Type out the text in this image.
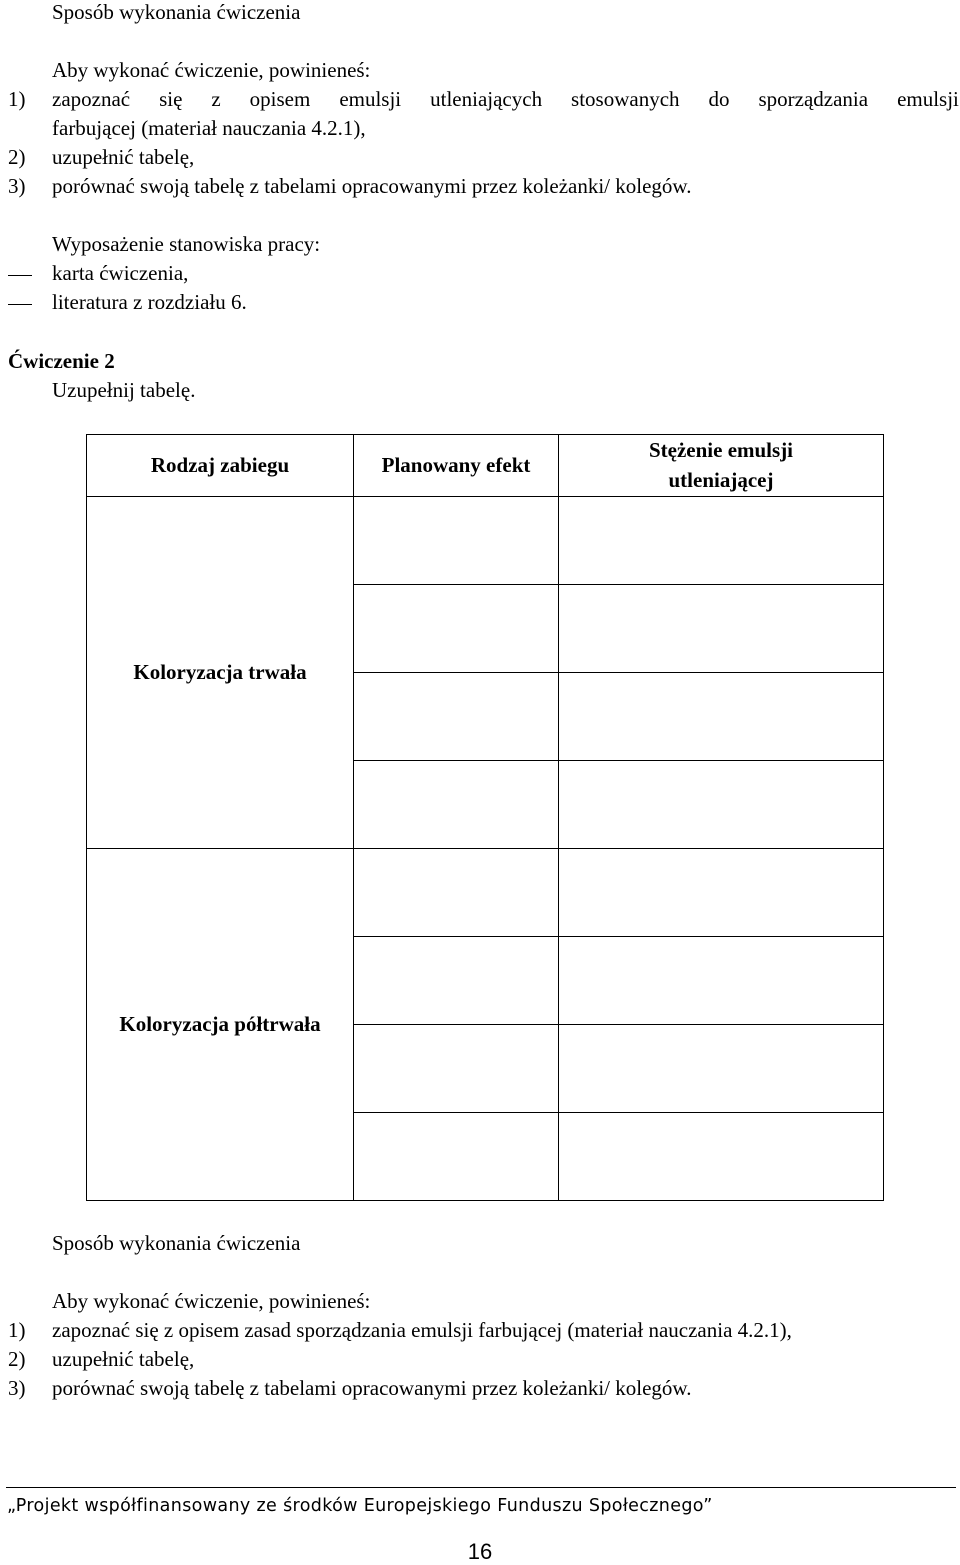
Sposób wykonania ćwiczenia
Aby wykonać ćwiczenie, powinieneś:
1) zapoznać się z opisem emulsji utleniających stosowanych do sporządzania emulsji
farbującej (materiał nauczania 4.2.1),
2) uzupełnić tabelę,
3) porównać swoją tabelę z tabelami opracowanymi przez koleżanki/ kolegów.
Wyposażenie stanowiska pracy:
karta ćwiczenia,
literatura z rozdziału 6.
Ćwiczenie 2
Uzupełnij tabelę.
Rodzaj zabiegu	Planowany efekt	Stężenie emulsji utleniającej
Koloryzacja trwała		

Koloryzacja półtrwała		

Sposób wykonania ćwiczenia
Aby wykonać ćwiczenie, powinieneś:
1) zapoznać się z opisem zasad sporządzania emulsji farbującej (materiał nauczania 4.2.1),
2) uzupełnić tabelę,
3) porównać swoją tabelę z tabelami opracowanymi przez koleżanki/ kolegów.
„Projekt współfinansowany ze środków Europejskiego Funduszu Społecznego”
16
